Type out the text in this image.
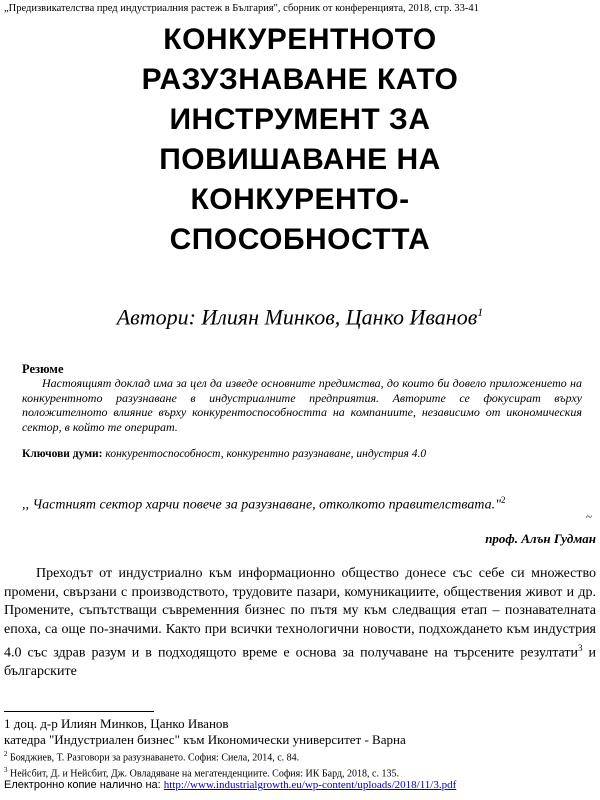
„Предизвикателства пред индустриалния растеж в България", сборник от конференцията, 2018, стр. 33-41
КОНКУРЕНТНОТО
РАЗУЗНАВАНЕ КАТО
ИНСТРУМЕНТ ЗА
ПОВИШАВАНЕ НА
КОНКУРЕНТО-
СПОСОБНОСТТА
Автори: Илиян Минков, Цанко Иванов$^1$
Резюме
Настоящият доклад има за цел да изведе основните предимства, до които би довело приложението на конкурентното разузнаване в индустриалните предприятия. Авторите се фокусират върху положителното влияние върху конкурентоспособността на компаниите, независимо от икономическия сектор, в който те оперират.
Ключови думи: конкурентоспособност, конкурентно разузнаване, индустрия 4.0
,, Частният сектор харчи повече за разузнаване, отколкото правителствата."$^2$
~
проф. Алън Гудман
Преходът от индустриално към информационно общество донесе със себе си множество промени, свързани с производството, трудовите пазари, комуникациите, обществения живот и др. Промените, съпътстващи съвременния бизнес по пътя му към следващия етап – познавателната епоха, са още по-значими. Както при всички технологични новости, подхождането към индустрия 4.0 със здрав разум и в подходящото време е основа за получаване на търсените резултати$^3$ и българските
1 доц. д-р Илиян Минков, Цанко Иванов
катедра "Индустриален бизнес" към Икономически университет - Варна
$^2$ Бояджиев, Т. Разговори за разузнаването. София: Сиела, 2014, с. 84.
$^3$ Нейсбит, Д. и Нейсбит, Дж. Овладяване на мегатенденциите. София: ИК Бард, 2018, с. 135.
Електронно копие налично на: http://www.industrialgrowth.eu/wp-content/uploads/2018/11/3.pdf
